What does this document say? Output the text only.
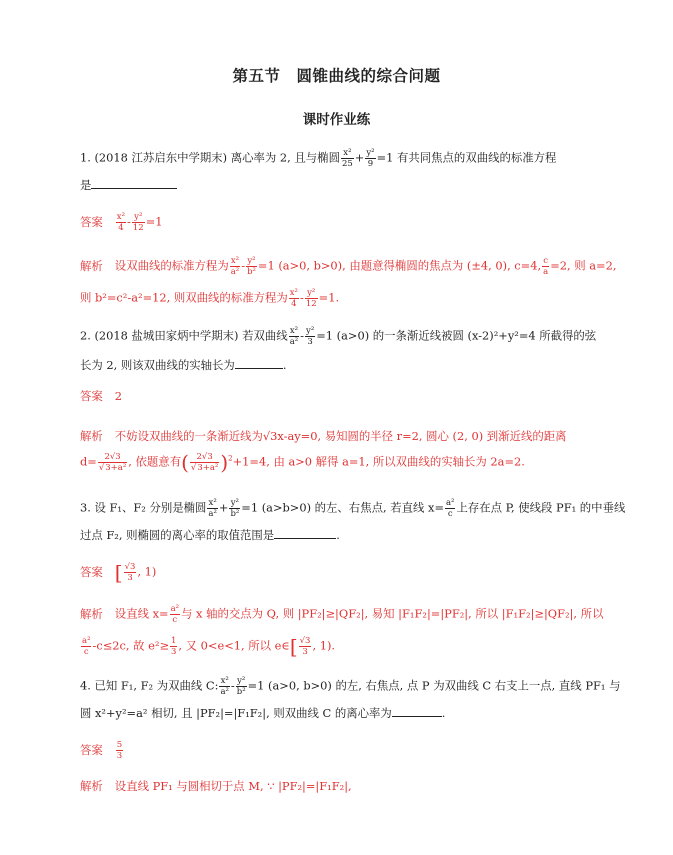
第五节　圆锥曲线的综合问题
课时作业练
1. (2018 江苏启东中学期末) 离心率为 2, 且与椭圆 $\frac{\text{x²}}{25} + \frac{\text{y²}}{9} =1$ 有共同焦点的双曲线的标准方程
是
答案 $\frac{\text{x²}}{4} - \frac{\text{y²}}{12} =1$
解析 设双曲线的标准方程为 $\frac{\text{x²}}{\text{a²}} - \frac{\text{y²}}{\text{b²}} =1$ (a>0, b>0), 由题意得椭圆的焦点为 (±4, 0), c=4, $\frac{c}{a} =2$, 则 a=2,
则 b²=c²-a²=12, 则双曲线的标准方程为 $\frac{\text{x²}}{4} - \frac{\text{y²}}{12} =1$.
2. (2018 盐城田家炳中学期末) 若双曲线 $\frac{\text{x²}}{\text{a²}} - \frac{\text{y²}}{3} =1$ (a>0) 的一条渐近线被圆 (x-2)²+y²=4 所截得的弦
长为 2, 则该双曲线的实轴长为	.
答案 2
解析 不妨设双曲线的一条渐近线为√3x-ay=0, 易知圆的半径 r=2, 圆心 (2, 0) 到渐近线的距离
$d= \frac{2√3}{\text{√3+a²}}$ , 依题意有( $\frac{2√3}{\text{√3+a²}} )^2+1=4$, 由 a>0 解得 a=1, 所以双曲线的实轴长为 2a=2.
3. 设 F₁、F₂ 分别是椭圆 $\frac{\text{x²}}{\text{a²}} + \frac{\text{y²}}{\text{b²}} =1$ (a>b>0) 的左、右焦点, 若直线 $x= \frac{\text{a²}}{c}$ 上存在点 P, 使线段 PF₁ 的中垂线
过点 F₂, 则椭圆的离心率的取值范围是	.
答案 [ $\frac{√3}{3}$ , 1)
解析 设直线 $x= \frac{\text{a²}}{c}$ 与 x 轴的交点为 Q, 则 |PF₂|≥|QF₂|, 易知 |F₁F₂|=|PF₂|, 所以 |F₁F₂|≥|QF₂|, 所以
$\frac{\text{a²}}{c} -c\le 2c$, 故 $e^2\ge \frac{1}{3}$ , 又 0<e<1, 所以 e∈[ $\frac{√3}{3}$ , 1).
4. 已知 F₁, F₂ 为双曲线 C: $\frac{\text{x²}}{\text{a²}} - \frac{\text{y²}}{\text{b²}} =1$ (a>0, b>0) 的左, 右焦点, 点 P 为双曲线 C 右支上一点, 直线 PF₁ 与
圆 x²+y²=a² 相切, 且 |PF₂|=|F₁F₂|, 则双曲线 C 的离心率为	.
答案 $\frac{5}{3}$
解析 设直线 PF₁ 与圆相切于点 M, ∵ |PF₂|=|F₁F₂|,
